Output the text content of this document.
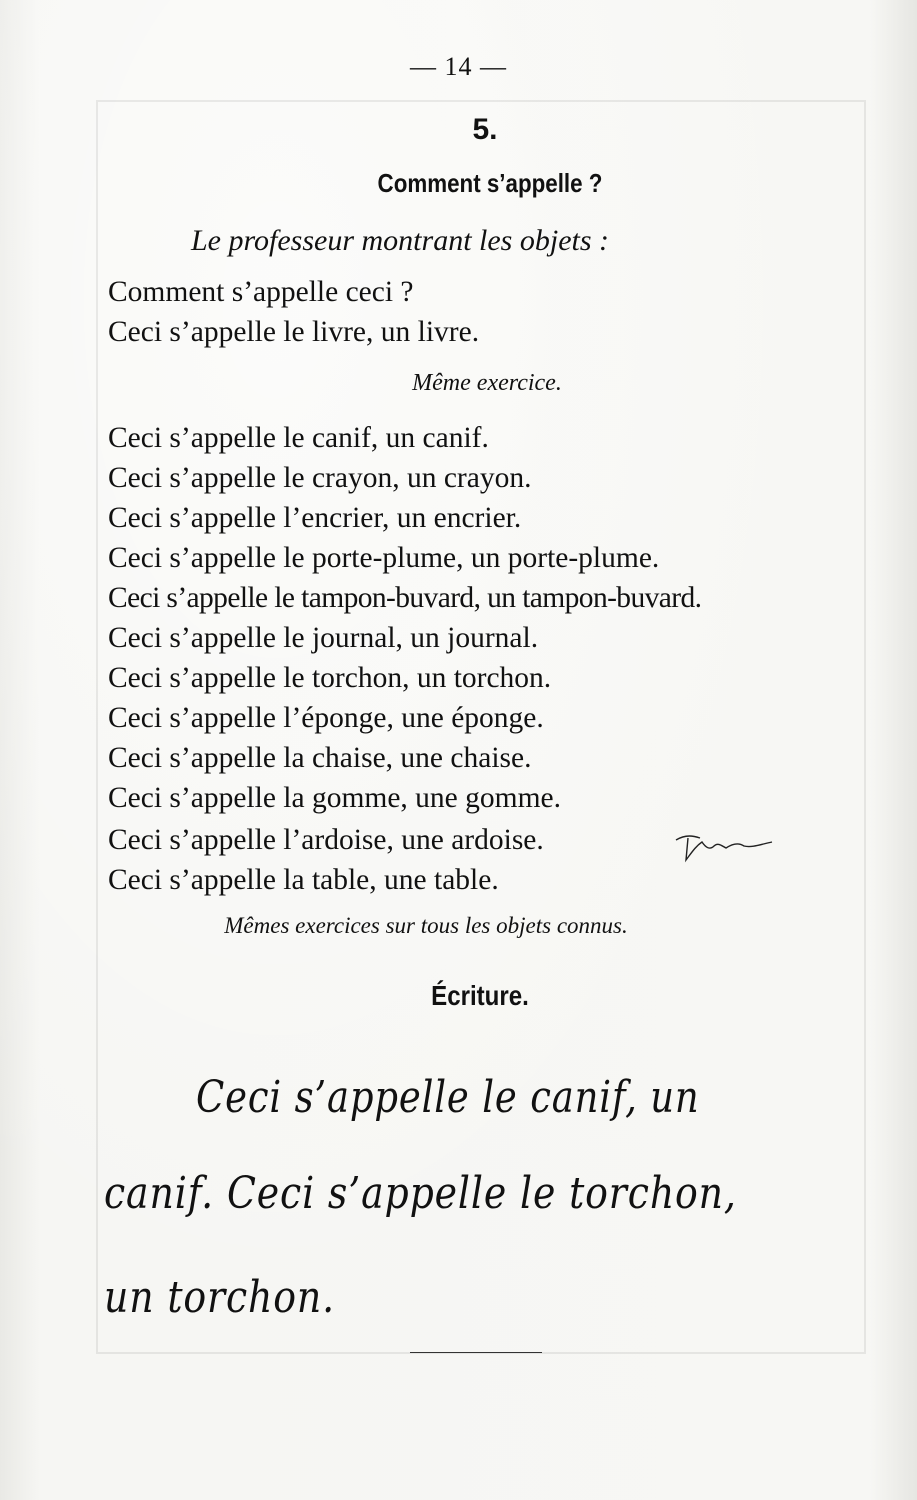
— 14 —
5.
Comment s’appelle ?
Le professeur montrant les objets :
Comment s’appelle ceci ?
Ceci s’appelle le livre, un livre.
Même exercice.
Ceci s’appelle le canif, un canif.
Ceci s’appelle le crayon, un crayon.
Ceci s’appelle l’encrier, un encrier.
Ceci s’appelle le porte-plume, un porte-plume.
Ceci s’appelle le tampon-buvard, un tampon-buvard.
Ceci s’appelle le journal, un journal.
Ceci s’appelle le torchon, un torchon.
Ceci s’appelle l’éponge, une éponge.
Ceci s’appelle la chaise, une chaise.
Ceci s’appelle la gomme, une gomme.
Ceci s’appelle l’ardoise, une ardoise.
Ceci s’appelle la table, une table.
Mêmes exercices sur tous les objets connus.
Écriture.
Ceci s’appelle le canif, un
canif. Ceci s’appelle le torchon,
un torchon.
